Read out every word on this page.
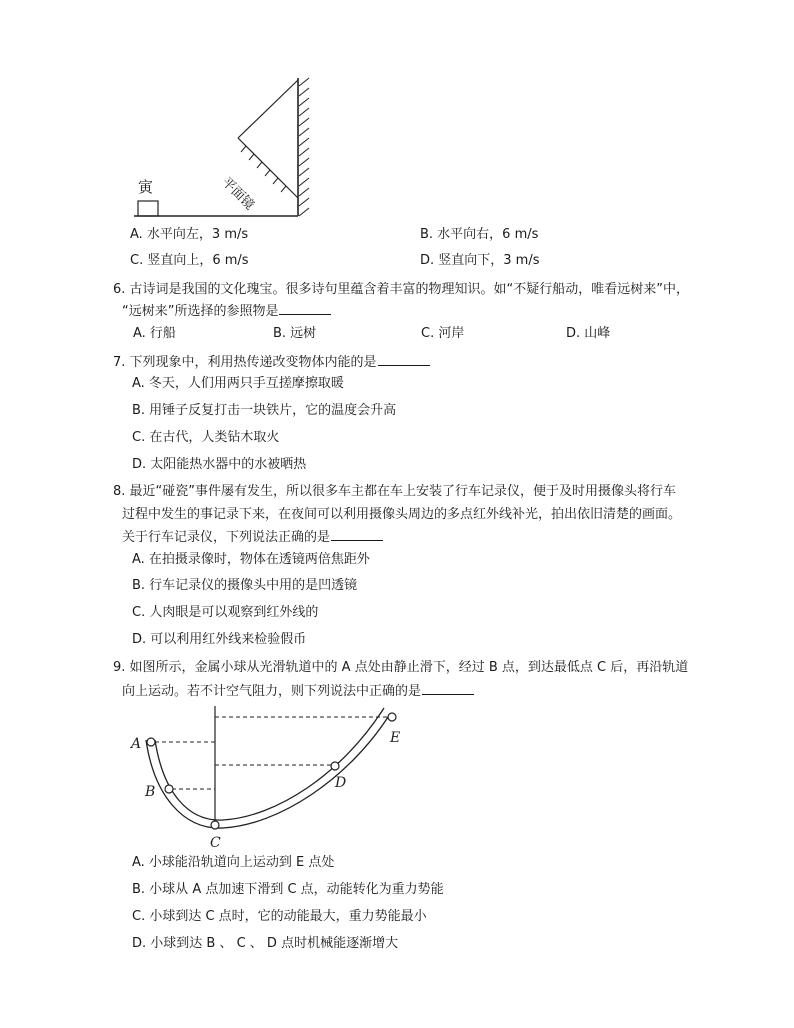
寅	平面镜
A. 水平向左，3 m/s	B. 水平向右，6 m/s
C. 竖直向上，6 m/s	D. 竖直向下，3 m/s
6. 古诗词是我国的文化瑰宝。很多诗句里蕴含着丰富的物理知识。如“不疑行船动，唯看远树来”中，
“远树来”所选择的参照物是
A. 行船	B. 远树	C. 河岸	D. 山峰
7. 下列现象中，利用热传递改变物体内能的是
A. 冬天，人们用两只手互搓摩擦取暖
B. 用锤子反复打击一块铁片，它的温度会升高
C. 在古代，人类钻木取火
D. 太阳能热水器中的水被晒热
8. 最近“碰瓷”事件屡有发生，所以很多车主都在车上安装了行车记录仪，便于及时用摄像头将行车
过程中发生的事记录下来，在夜间可以利用摄像头周边的多点红外线补光，拍出依旧清楚的画面。
关于行车记录仪，下列说法正确的是
A. 在拍摄录像时，物体在透镜两倍焦距外
B. 行车记录仪的摄像头中用的是凹透镜
C. 人肉眼是可以观察到红外线的
D. 可以利用红外线来检验假币
9. 如图所示，金属小球从光滑轨道中的 A 点处由静止滑下，经过 B 点，到达最低点 C 后，再沿轨道
向上运动。若不计空气阻力，则下列说法中正确的是
A
B
C
D
E
A. 小球能沿轨道向上运动到 E 点处
B. 小球从 A 点加速下滑到 C 点，动能转化为重力势能
C. 小球到达 C 点时，它的动能最大，重力势能最小
D. 小球到达 B 、 C 、 D 点时机械能逐渐增大
